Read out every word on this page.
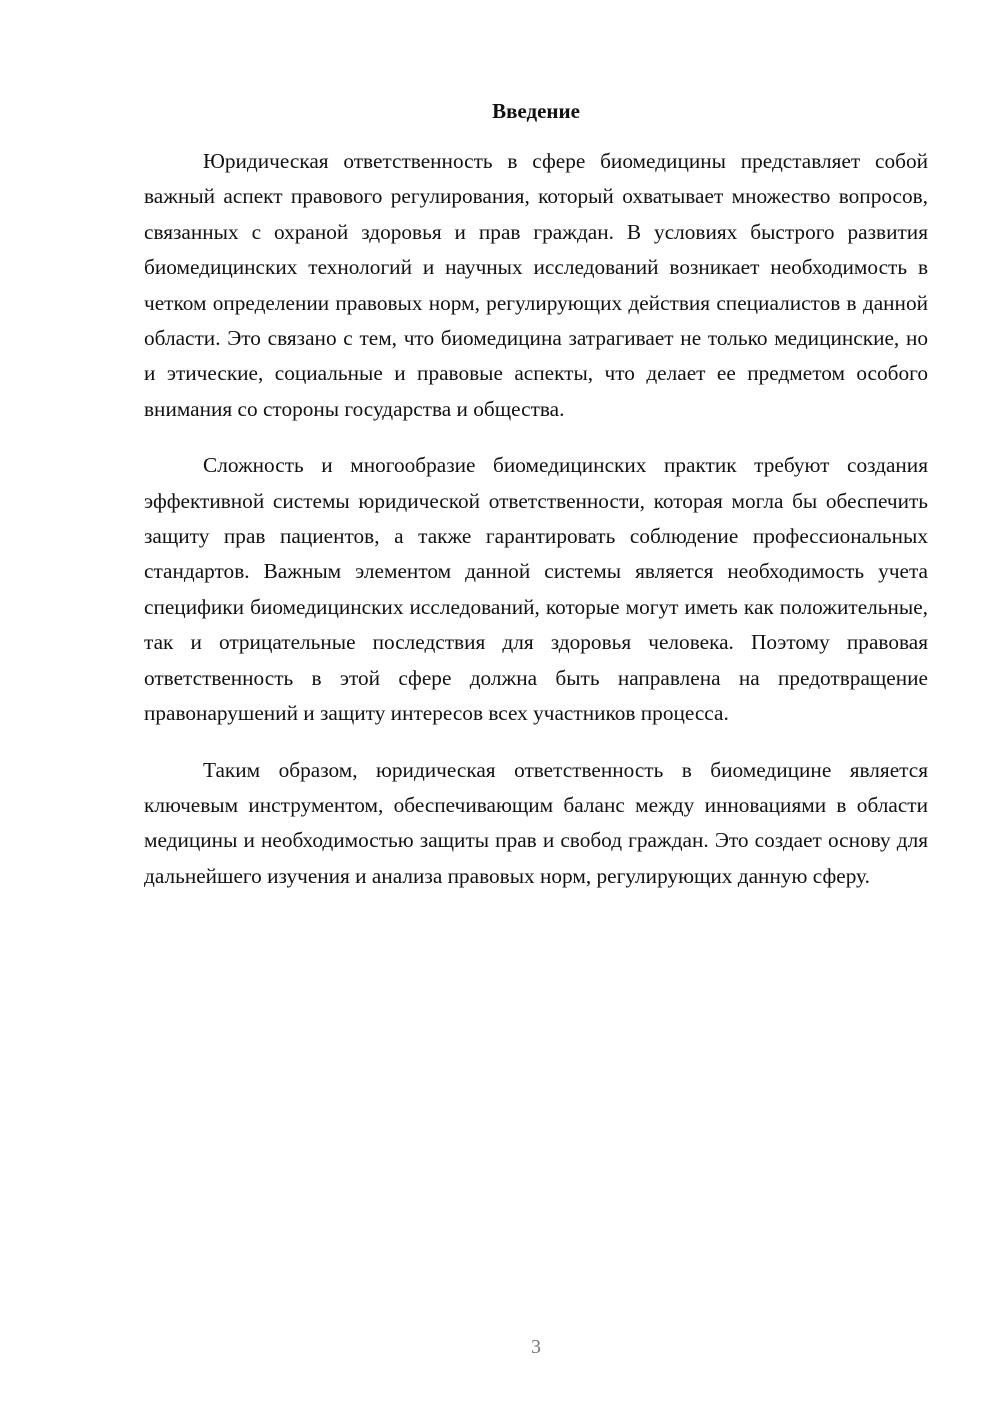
Введение

Юридическая ответственность в сфере биомедицины представляет собой важный аспект правового регулирования, который охватывает множество вопросов, связанных с охраной здоровья и прав граждан. В условиях быстрого развития биомедицинских технологий и научных исследований возникает необходимость в четком определении правовых норм, регулирующих действия специалистов в данной области. Это связано с тем, что биомедицина затрагивает не только медицинские, но и этические, социальные и правовые аспекты, что делает ее предметом особого внимания со стороны государства и общества.

Сложность и многообразие биомедицинских практик требуют создания эффективной системы юридической ответственности, которая могла бы обеспечить защиту прав пациентов, а также гарантировать соблюдение профессиональных стандартов. Важным элементом данной системы является необходимость учета специфики биомедицинских исследований, которые могут иметь как положительные, так и отрицательные последствия для здоровья человека. Поэтому правовая ответственность в этой сфере должна быть направлена на предотвращение правонарушений и защиту интересов всех участников процесса.

Таким образом, юридическая ответственность в биомедицине является ключевым инструментом, обеспечивающим баланс между инновациями в области медицины и необходимостью защиты прав и свобод граждан. Это создает основу для дальнейшего изучения и анализа правовых норм, регулирующих данную сферу.

3
